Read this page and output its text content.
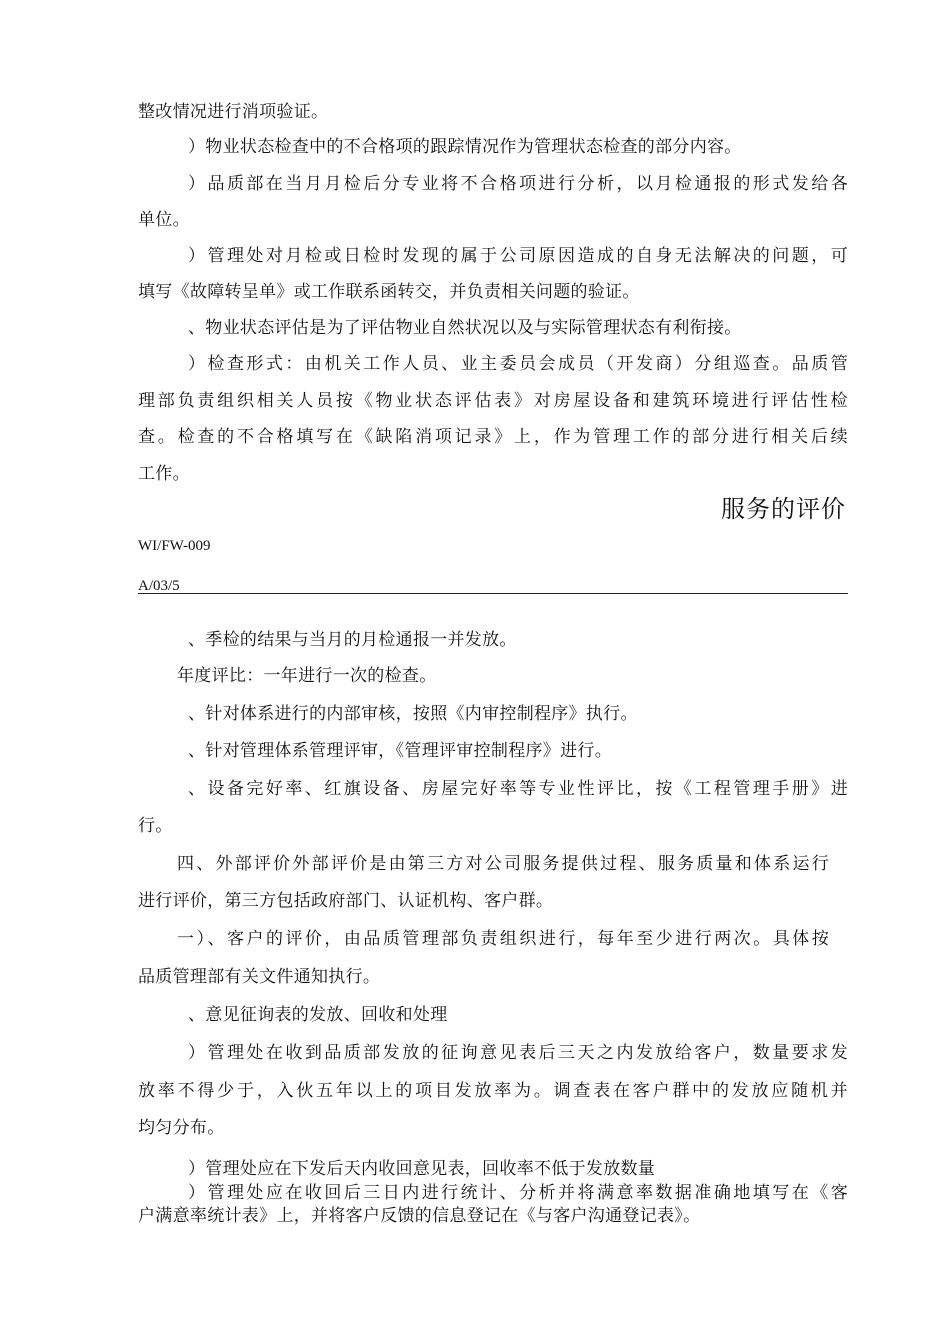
整改情况进行消项验证。
）物业状态检查中的不合格项的跟踪情况作为管理状态检查的部分内容。
）品质部在当月月检后分专业将不合格项进行分析，以月检通报的形式发给各
单位。
）管理处对月检或日检时发现的属于公司原因造成的自身无法解决的问题，可
填写《故障转呈单》或工作联系函转交，并负责相关问题的验证。
、物业状态评估是为了评估物业自然状况以及与实际管理状态有利衔接。
）检查形式：由机关工作人员、业主委员会成员（开发商）分组巡查。品质管
理部负责组织相关人员按《物业状态评估表》对房屋设备和建筑环境进行评估性检
查。检查的不合格填写在《缺陷消项记录》上，作为管理工作的部分进行相关后续
工作。
服务的评价
WI/FW-009
A/03/5
、季检的结果与当月的月检通报一并发放。
年度评比：一年进行一次的检查。
、针对体系进行的内部审核，按照《内审控制程序》执行。
、针对管理体系管理评审，《管理评审控制程序》进行。
、设备完好率、红旗设备、房屋完好率等专业性评比，按《工程管理手册》进
行。
四、外部评价外部评价是由第三方对公司服务提供过程、服务质量和体系运行
进行评价，第三方包括政府部门、认证机构、客户群。
一）、客户的评价，由品质管理部负责组织进行，每年至少进行两次。具体按
品质管理部有关文件通知执行。
、意见征询表的发放、回收和处理
）管理处在收到品质部发放的征询意见表后三天之内发放给客户，数量要求发
放率不得少于，入伙五年以上的项目发放率为。调查表在客户群中的发放应随机并
均匀分布。
）管理处应在下发后天内收回意见表，回收率不低于发放数量
）管理处应在收回后三日内进行统计、分析并将满意率数据准确地填写在《客
户满意率统计表》上，并将客户反馈的信息登记在《与客户沟通登记表》。
